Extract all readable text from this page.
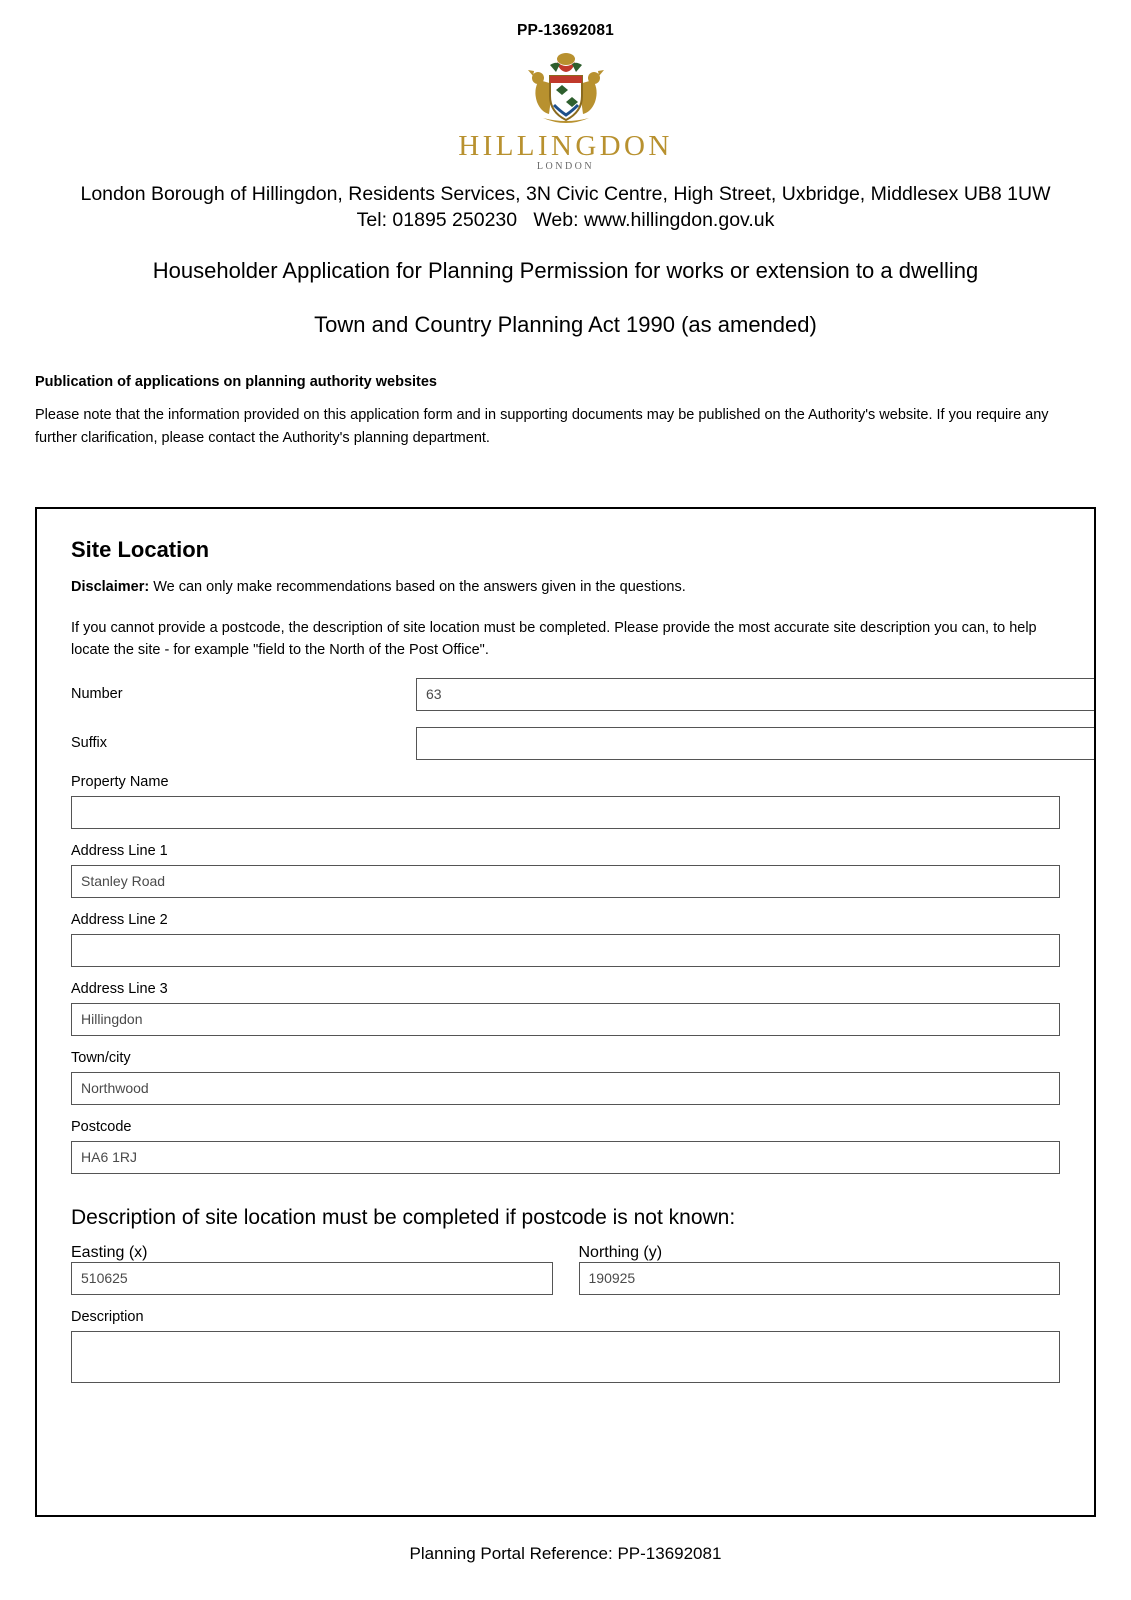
PP-13692081
HILLINGDON
LONDON
London Borough of Hillingdon, Residents Services, 3N Civic Centre, High Street, Uxbridge, Middlesex UB8 1UW
Tel: 01895 250230   Web: www.hillingdon.gov.uk
Householder Application for Planning Permission for works or extension to a dwelling
Town and Country Planning Act 1990 (as amended)
Publication of applications on planning authority websites
Please note that the information provided on this application form and in supporting documents may be published on the Authority's website. If you require any further clarification, please contact the Authority's planning department.
Site Location
Disclaimer: We can only make recommendations based on the answers given in the questions.
If you cannot provide a postcode, the description of site location must be completed. Please provide the most accurate site description you can, to help locate the site - for example "field to the North of the Post Office".
Number	63
Suffix
Property Name
Address Line 1
Stanley Road
Address Line 2
Address Line 3
Hillingdon
Town/city
Northwood
Postcode
HA6 1RJ
Description of site location must be completed if postcode is not known:
Easting (x)
510625
Northing (y)
190925
Description
Planning Portal Reference: PP-13692081
